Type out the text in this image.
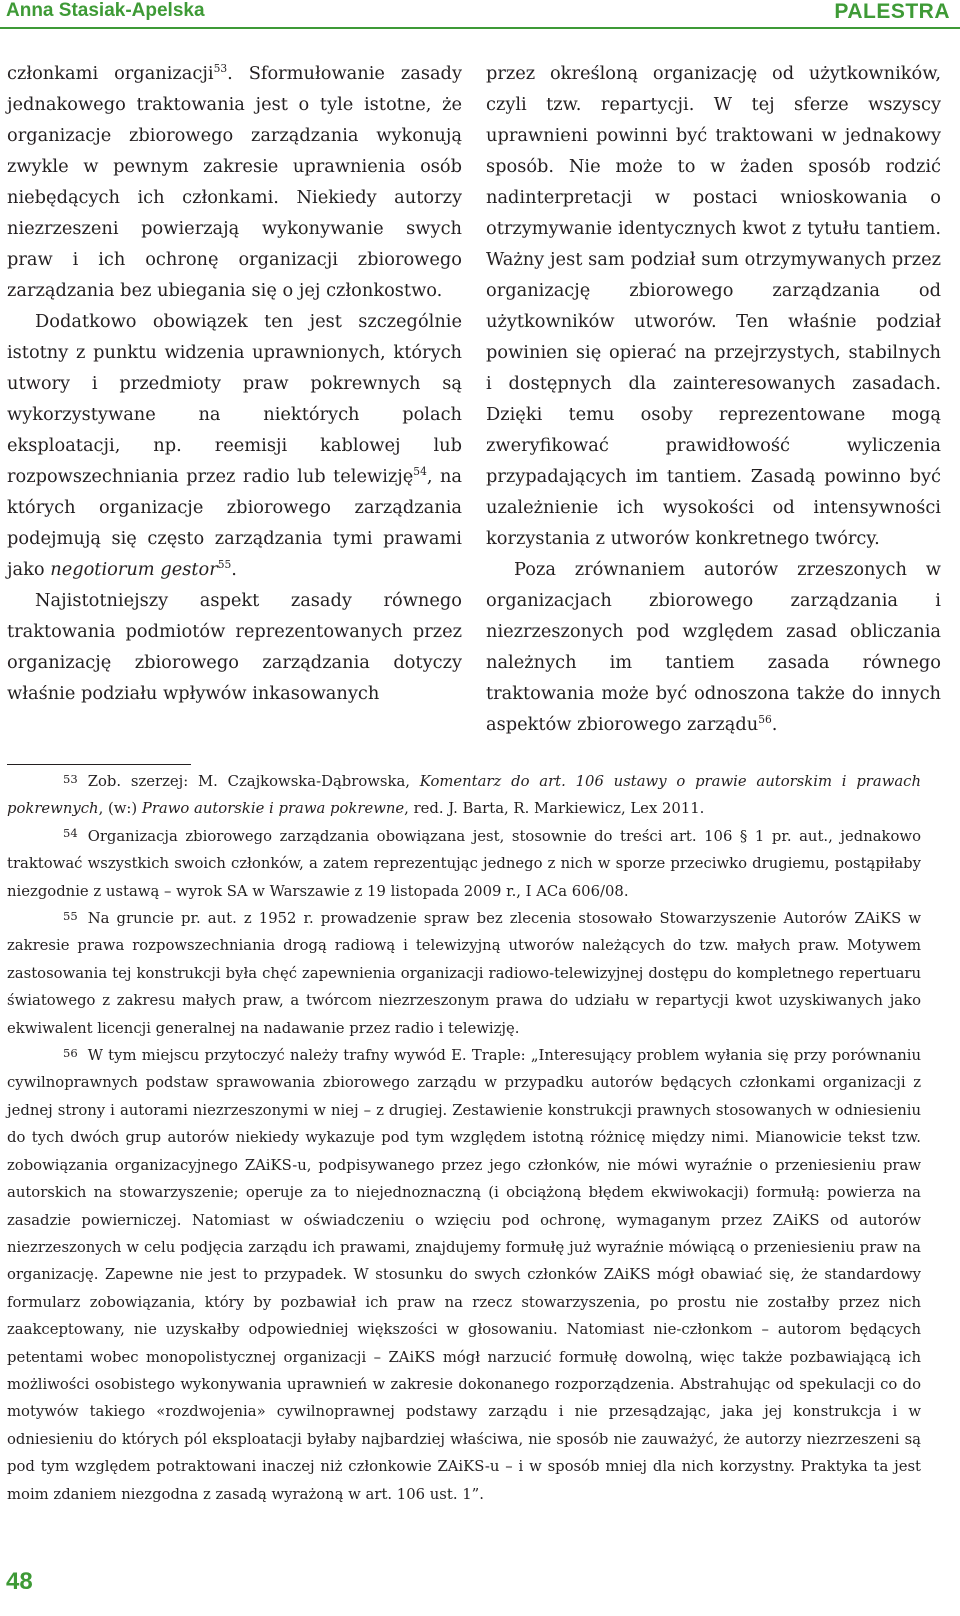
Anna Stasiak-Apelska	PALESTRA

członkami organizacji$^{53}$. Sformułowanie zasady jednakowego traktowania jest o tyle istotne, że organizacje zbiorowego zarządzania wykonują zwykle w pewnym zakresie uprawnienia osób niebędących ich członkami. Niekiedy autorzy niezrzeszeni powierzają wykonywanie swych praw i ich ochronę organizacji zbiorowego zarządzania bez ubiegania się o jej członkostwo.

Dodatkowo obowiązek ten jest szczególnie istotny z punktu widzenia uprawnionych, których utwory i przedmioty praw pokrewnych są wykorzystywane na niektórych polach eksploatacji, np. reemisji kablowej lub rozpowszechniania przez radio lub telewizję$^{54}$, na których organizacje zbiorowego zarządzania podejmują się często zarządzania tymi prawami jako negotiorum gestor$^{55}$.

Najistotniejszy aspekt zasady równego traktowania podmiotów reprezentowanych przez organizację zbiorowego zarządzania dotyczy właśnie podziału wpływów inkasowanych

przez określoną organizację od użytkowników, czyli tzw. repartycji. W tej sferze wszyscy uprawnieni powinni być traktowani w jednakowy sposób. Nie może to w żaden sposób rodzić nadinterpretacji w postaci wnioskowania o otrzymywanie identycznych kwot z tytułu tantiem. Ważny jest sam podział sum otrzymywanych przez organizację zbiorowego zarządzania od użytkowników utworów. Ten właśnie podział powinien się opierać na przejrzystych, stabilnych i dostępnych dla zainteresowanych zasadach. Dzięki temu osoby reprezentowane mogą zweryfikować prawidłowość wyliczenia przypadających im tantiem. Zasadą powinno być uzależnienie ich wysokości od intensywności korzystania z utworów konkretnego twórcy.

Poza zrównaniem autorów zrzeszonych w organizacjach zbiorowego zarządzania i niezrzeszonych pod względem zasad obliczania należnych im tantiem zasada równego traktowania może być odnoszona także do innych aspektów zbiorowego zarządu$^{56}$.

53 Zob. szerzej: M. Czajkowska-Dąbrowska, Komentarz do art. 106 ustawy o prawie autorskim i prawach pokrewnych, (w:) Prawo autorskie i prawa pokrewne, red. J. Barta, R. Markiewicz, Lex 2011.

54 Organizacja zbiorowego zarządzania obowiązana jest, stosownie do treści art. 106 § 1 pr. aut., jednakowo traktować wszystkich swoich członków, a zatem reprezentując jednego z nich w sporze przeciwko drugiemu, postąpiłaby niezgodnie z ustawą – wyrok SA w Warszawie z 19 listopada 2009 r., I ACa 606/08.

55 Na gruncie pr. aut. z 1952 r. prowadzenie spraw bez zlecenia stosowało Stowarzyszenie Autorów ZAiKS w zakresie prawa rozpowszechniania drogą radiową i telewizyjną utworów należących do tzw. małych praw. Motywem zastosowania tej konstrukcji była chęć zapewnienia organizacji radiowo-telewizyjnej dostępu do kompletnego repertuaru światowego z zakresu małych praw, a twórcom niezrzeszonym prawa do udziału w repartycji kwot uzyskiwanych jako ekwiwalent licencji generalnej na nadawanie przez radio i telewizję.

56 W tym miejscu przytoczyć należy trafny wywód E. Traple: „Interesujący problem wyłania się przy porównaniu cywilnoprawnych podstaw sprawowania zbiorowego zarządu w przypadku autorów będących członkami organizacji z jednej strony i autorami niezrzeszonymi w niej – z drugiej. Zestawienie konstrukcji prawnych stosowanych w odniesieniu do tych dwóch grup autorów niekiedy wykazuje pod tym względem istotną różnicę między nimi. Mianowicie tekst tzw. zobowiązania organizacyjnego ZAiKS-u, podpisywanego przez jego członków, nie mówi wyraźnie o przeniesieniu praw autorskich na stowarzyszenie; operuje za to niejednoznaczną (i obciążoną błędem ekwiwokacji) formułą: powierza na zasadzie powierniczej. Natomiast w oświadczeniu o wzięciu pod ochronę, wymaganym przez ZAiKS od autorów niezrzeszonych w celu podjęcia zarządu ich prawami, znajdujemy formułę już wyraźnie mówiącą o przeniesieniu praw na organizację. Zapewne nie jest to przypadek. W stosunku do swych członków ZAiKS mógł obawiać się, że standardowy formularz zobowiązania, który by pozbawiał ich praw na rzecz stowarzyszenia, po prostu nie zostałby przez nich zaakceptowany, nie uzyskałby odpowiedniej większości w głosowaniu. Natomiast nie-członkom – autorom będących petentami wobec monopolistycznej organizacji – ZAiKS mógł narzucić formułę dowolną, więc także pozbawiającą ich możliwości osobistego wykonywania uprawnień w zakresie dokonanego rozporządzenia. Abstrahując od spekulacji co do motywów takiego «rozdwojenia» cywilnoprawnej podstawy zarządu i nie przesądzając, jaka jej konstrukcja i w odniesieniu do których pól eksploatacji byłaby najbardziej właściwa, nie sposób nie zauważyć, że autorzy niezrzeszeni są pod tym względem potraktowani inaczej niż członkowie ZAiKS-u – i w sposób mniej dla nich korzystny. Praktyka ta jest moim zdaniem niezgodna z zasadą wyrażoną w art. 106 ust. 1”.

48
